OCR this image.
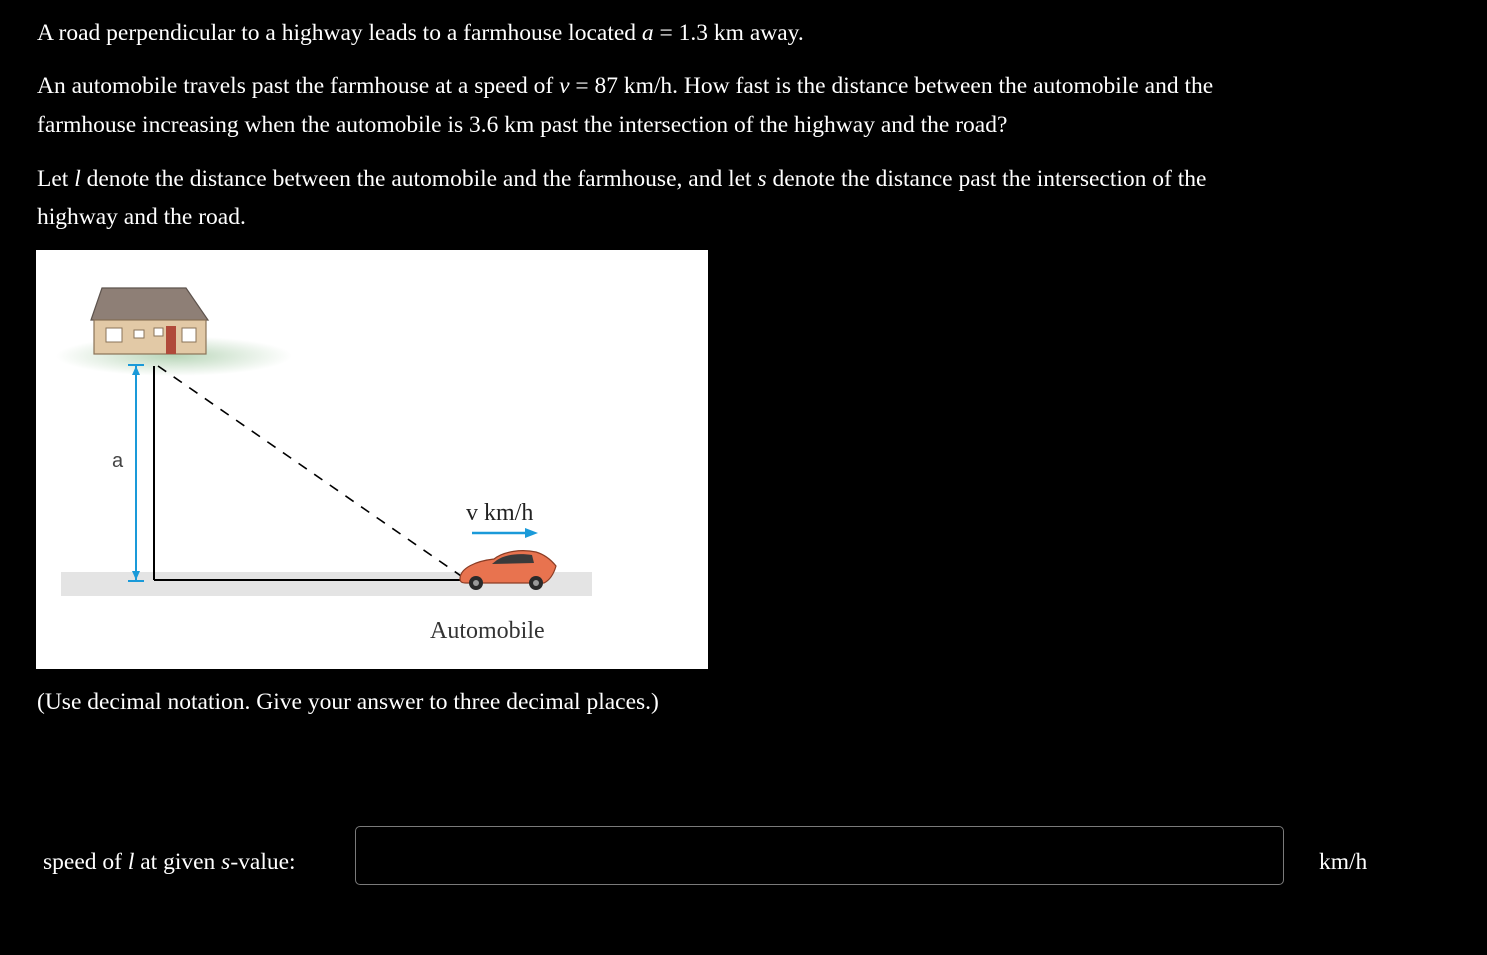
A road perpendicular to a highway leads to a farmhouse located a = 1.3 km away.

An automobile travels past the farmhouse at a speed of v = 87 km/h. How fast is the distance between the automobile and the

farmhouse increasing when the automobile is 3.6 km past the intersection of the highway and the road?

Let l denote the distance between the automobile and the farmhouse, and let s denote the distance past the intersection of the

highway and the road.

a
v km/h
Automobile

(Use decimal notation. Give your answer to three decimal places.)

speed of l at given s-value:	km/h
